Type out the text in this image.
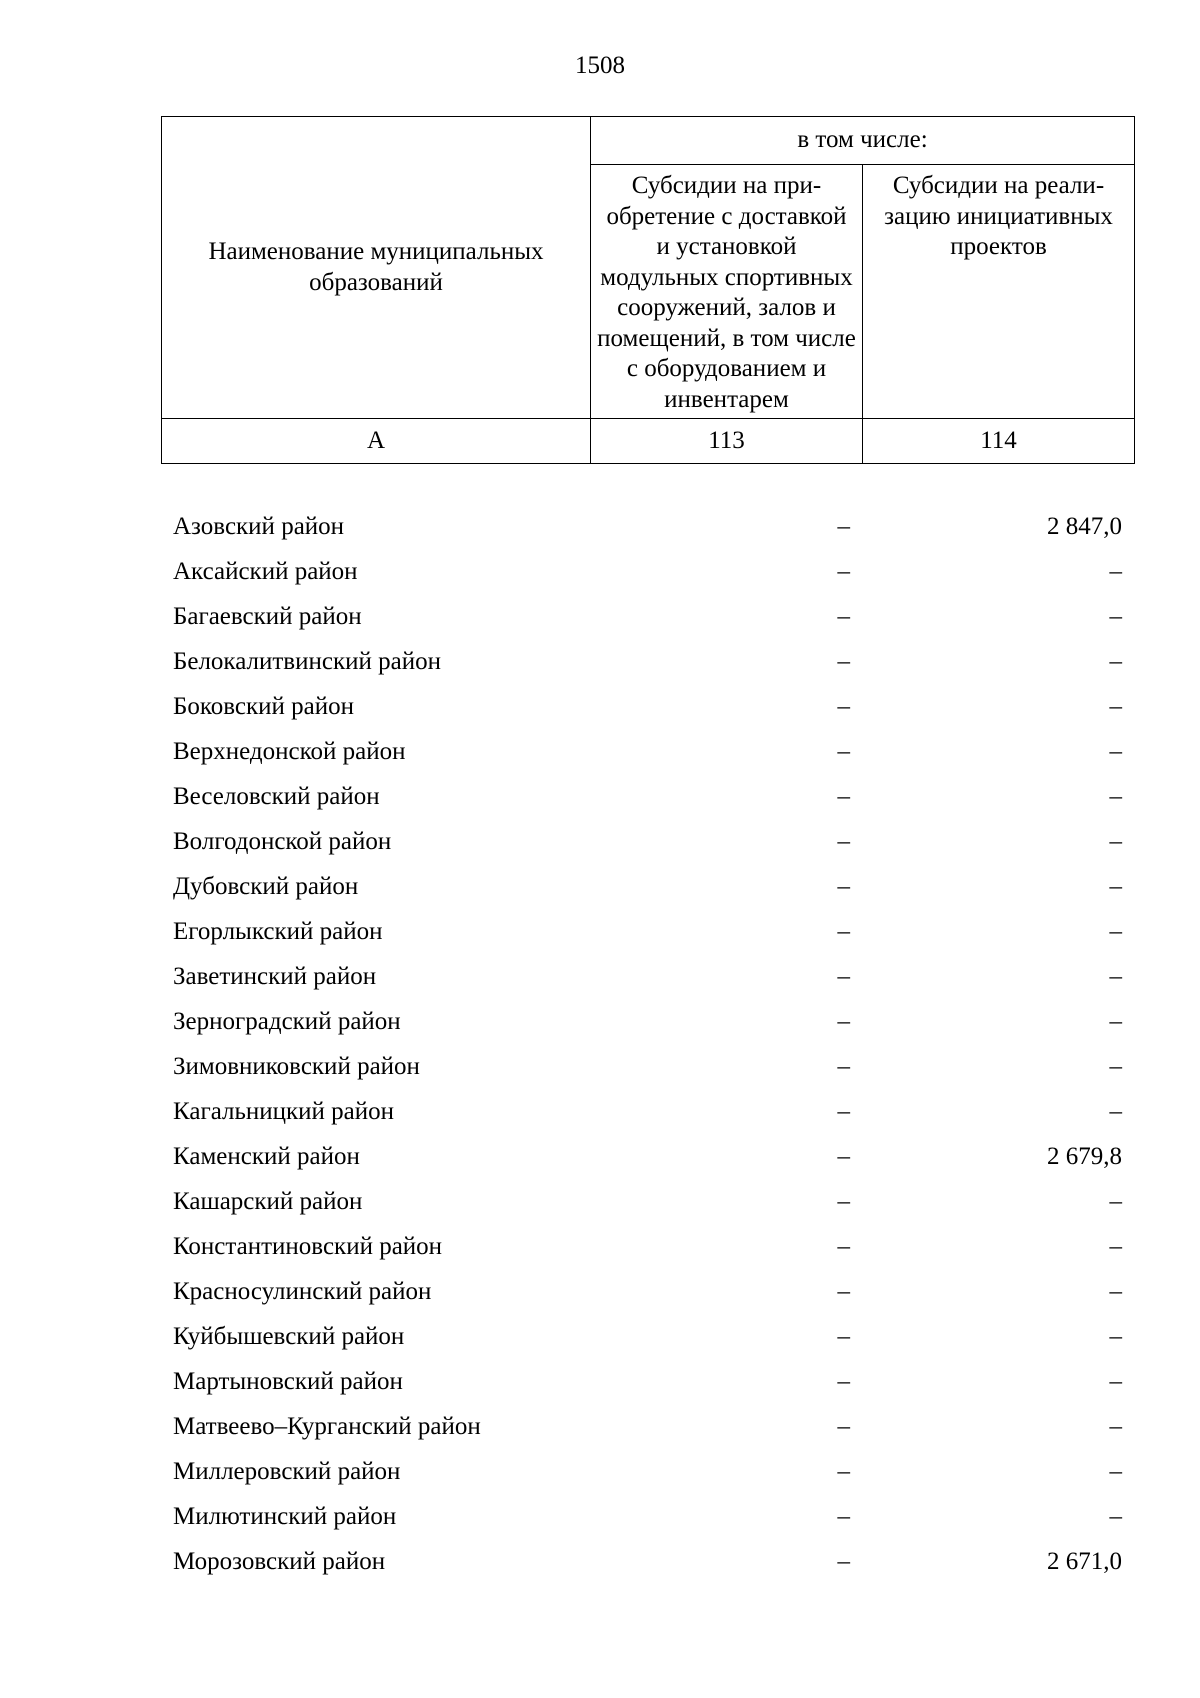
1508
Наименование муниципальных образований	в том числе:	
	Субсидии на приобретение с доставкой и установкой модульных спортивных сооружений, залов и помещений, в том числе с оборудованием и инвентарем	Субсидии на реализацию инициативных проектов
А	113	114
Азовский район	–	2 847,0
Аксайский район	–	–
Багаевский район	–	–
Белокалитвинский район	–	–
Боковский район	–	–
Верхнедонской район	–	–
Веселовский район	–	–
Волгодонской район	–	–
Дубовский район	–	–
Егорлыкский район	–	–
Заветинский район	–	–
Зерноградский район	–	–
Зимовниковский район	–	–
Кагальницкий район	–	–
Каменский район	–	2 679,8
Кашарский район	–	–
Константиновский район	–	–
Красносулинский район	–	–
Куйбышевский район	–	–
Мартыновский район	–	–
Матвеево–Курганский район	–	–
Миллеровский район	–	–
Милютинский район	–	–
Морозовский район	–	2 671,0
